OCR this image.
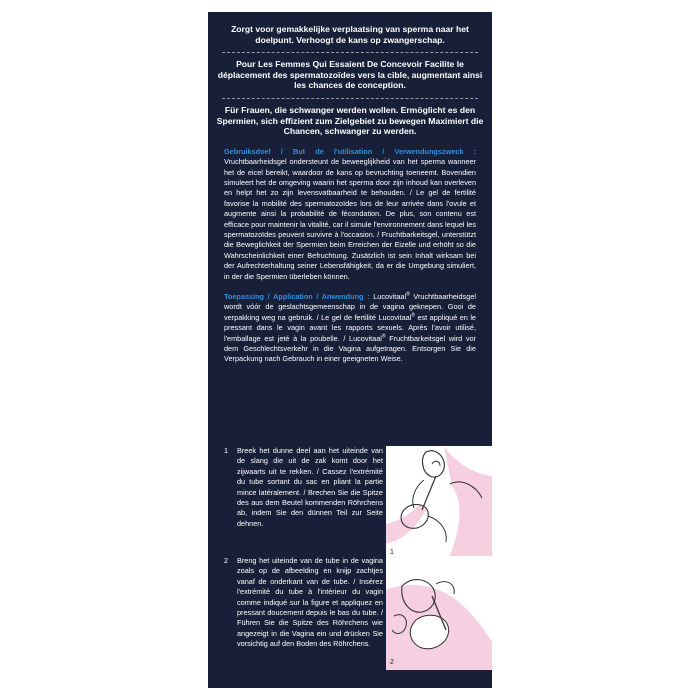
Zorgt voor gemakkelijke verplaatsing van sperma naar het doelpunt. Verhoogt de kans op zwangerschap.
Pour Les Femmes Qui Essaient De Concevoir Facilite le déplacement des spermatozoïdes vers la cible, augmentant ainsi les chances de conception.
Für Frauen, die schwanger werden wollen. Ermöglicht es den Spermien, sich effizient zum Zielgebiet zu bewegen Maximiert die Chancen, schwanger zu werden.

Gebruiksdoel / But de l'utilisation / Verwendungszweck : Vruchtbaarheidsgel ondersteunt de beweeglijkheid van het sperma wanneer het de eicel bereikt, waardoor de kans op bevruchting toeneemt. Bovendien simuleert het de omgeving waarin het sperma door zijn inhoud kan overleven en helpt het zo zijn levensvatbaarheid te behouden. / Le gel de fertilité favorise la mobilité des spermatozoïdes lors de leur arrivée dans l'ovule et augmente ainsi la probabilité de fécondation. De plus, son contenu est efficace pour maintenir la vitalité, car il simule l'environnement dans lequel les spermatozoïdes peuvent survivre à l'occasion. / Fruchtbarkeitsgel, unterstützt die Beweglichkeit der Spermien beim Erreichen der Eizelle und erhöht so die Wahrscheinlichkeit einer Befruchtung. Zusätzlich ist sein Inhalt wirksam bei der Aufrechterhaltung seiner Lebensfähigkeit, da er die Umgebung simuliert, in der die Spermien überleben können.

Toepassing / Application / Anwendung : Lucovitaal® Vruchtbaarheidsgel wordt vóór de geslachtsgemeenschap in de vagina geknepen. Gooi de verpakking weg na gebruik. / Le gel de fertilité Lucovitaal® est appliqué en le pressant dans le vagin avant les rapports sexuels. Après l'avoir utilisé, l'emballage est jeté à la poubelle. / Lucovitaal® Fruchtbarkeitsgel wird vor dem Geschlechtsverkehr in die Vagina aufgetragen. Entsorgen Sie die Verpackung nach Gebrauch in einer geeigneten Weise.

1 Breek het dunne deel aan het uiteinde van de slang die uit de zak komt door het zijwaarts uit te rekken. / Cassez l'extrémité du tube sortant du sac en pliant la partie mince latéralement. / Brechen Sie die Spitze des aus dem Beutel kommenden Röhrchens ab, indem Sie den dünnen Teil zur Seite dehnen.
1
2 Breng het uiteinde van de tube in de vagina zoals op de afbeelding en knijp zachtjes vanaf de onderkant van de tube. / Insérez l'extrémité du tube à l'intérieur du vagin comme indiqué sur la figure et appliquez en pressant doucement depuis le bas du tube. / Führen Sie die Spitze des Röhrchens wie angezeigt in die Vagina ein und drücken Sie vorsichtig auf den Boden des Röhrchens.
2
